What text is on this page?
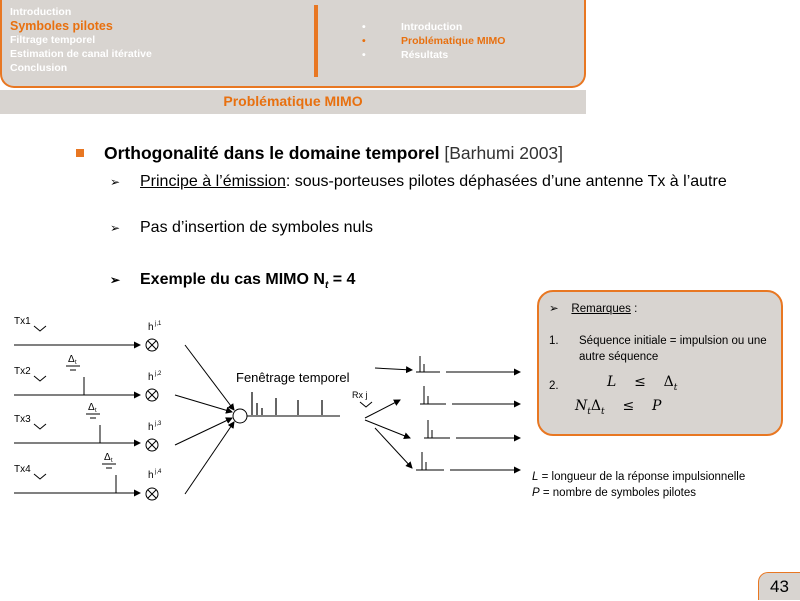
Introduction
Symboles pilotes
Filtrage temporel
Estimation de canal itérative
Conclusion
• Introduction
• Problématique MIMO
• Résultats
Problématique MIMO
Orthogonalité dans le domaine temporel [Barhumi 2003]
➢ Principe à l’émission: sous-porteuses pilotes déphasées d’une antenne Tx à l’autre
➢ Pas d’insertion de symboles nuls
➢ Exemple du cas MIMO $N_t = 4$
Tx1
Tx2
Tx3
Tx4
Δ t
Δ t
Δ t
h j,1
h j,2
h j,3
h j,4
Fenêtrage temporel
Rx j
➢ Remarques :
1. Séquence initiale = impulsion ou une autre séquence
2.	$L \le \Delta_t$
$N_t\Delta_t \le P$
L = longueur de la réponse impulsionnelle
P = nombre de symboles pilotes
43
